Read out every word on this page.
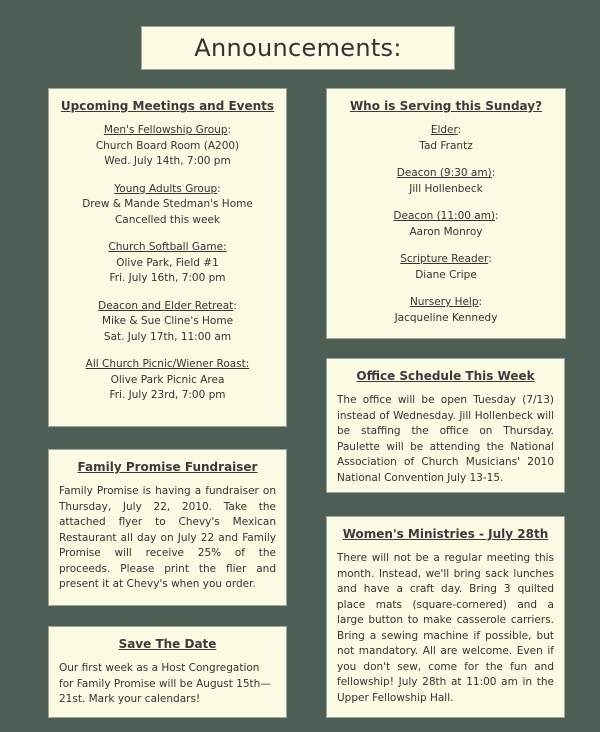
Announcements:
Upcoming Meetings and Events
Men's Fellowship Group:
Church Board Room (A200)
Wed. July 14th, 7:00 pm
Young Adults Group:
Drew & Mande Stedman's Home
Cancelled this week
Church Softball Game:
Olive Park, Field #1
Fri. July 16th, 7:00 pm
Deacon and Elder Retreat:
Mike & Sue Cline's Home
Sat. July 17th, 11:00 am
All Church Picnic/Wiener Roast:
Olive Park Picnic Area
Fri. July 23rd, 7:00 pm
Who is Serving this Sunday?
Elder:
Tad Frantz
Deacon (9:30 am):
Jill Hollenbeck
Deacon (11:00 am):
Aaron Monroy
Scripture Reader:
Diane Cripe
Nursery Help:
Jacqueline Kennedy
Office Schedule This Week

The office will be open Tuesday (7/13) instead of Wednesday. Jill Hollenbeck will be staffing the office on Thursday. Paulette will be attending the National Association of Church Musicians' 2010 National Convention July 13-15.

Family Promise Fundraiser

Family Promise is having a fundraiser on Thursday, July 22, 2010. Take the attached flyer to Chevy's Mexican Restaurant all day on July 22 and Family Promise will receive 25% of the proceeds. Please print the flier and present it at Chevy's when you order.

Women's Ministries - July 28th

There will not be a regular meeting this month. Instead, we'll bring sack lunches and have a craft day. Bring 3 quilted place mats (square-cornered) and a large button to make casserole carriers. Bring a sewing machine if possible, but not mandatory. All are welcome. Even if you don't sew, come for the fun and fellowship! July 28th at 11:00 am in the Upper Fellowship Hall.

Save The Date

Our first week as a Host Congregation for Family Promise will be August 15th—21st. Mark your calendars!
